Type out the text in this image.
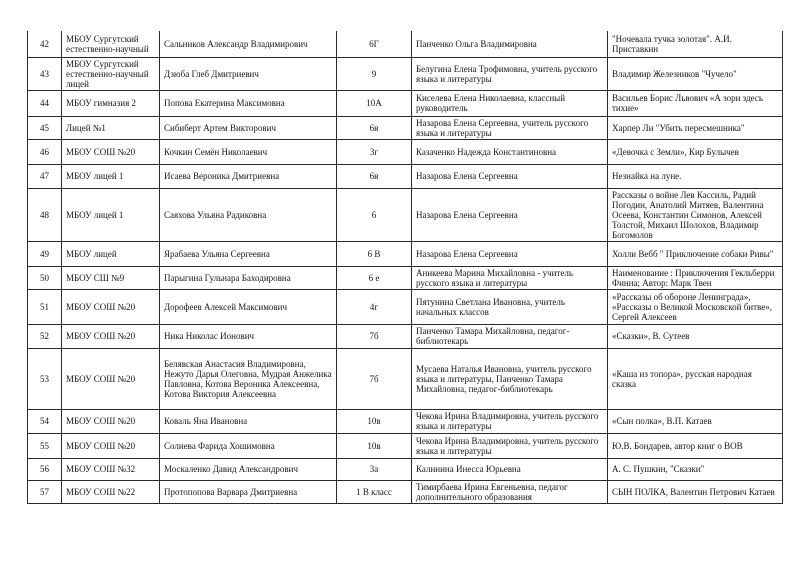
42	МБОУ Сургутский естественно-научный	Сальников Александр Владимирович	6Г	Панченко Ольга Владимировна	"Ночевала тучка золотая". А.И. Приставкин
43	МБОУ Сургутский естественно-научный лицей	Дзюба Глеб Дмитриевич	9	Белугина Елена Трофимовна, учитель русского языка и литературы	Владимир Железников "Чучело"
44	МБОУ гимназия 2	Попова Екатерина Максимовна	10А	Киселева Елена Николаевна, классный руководитель	Васильев Борис Львович «А зори здесь тихие»
45	Лицей №1	Сибиберт Артем Викторович	6в	Назарова Елена Сергеевна, учитель русского языка и литературы	Харпер Ли "Убить пересмешника"
46	МБОУ СОШ №20	Кочкин Семён Николаевич	3г	Казаченко Надежда Константиновна	«Девочка с Земли», Кир Булычев
47	МБОУ лицей 1	Исаева Вероника Дмитриевна	6в	Назарова Елена Сергеевна	Незнайка на луне.
48	МБОУ лицей 1	Саяхова Ульяна Радиковна	6	Назарова Елена Сергеевна	Рассказы о войне Лев Кассиль, Радий Погодин, Анатолий Митяев, Валентина Осеева, Константин Симонов, Алексей Толстой, Михаил Шолохов, Владимир Богомолов
49	МБОУ лицей	Ярабаева Ульяна Сергеевна	6 В	Назарова Елена Сергеевна	Холли Вебб " Приключение собаки Ривы"
50	МБОУ СШ №9	Парыгина Гульнара Баходировна	6 е	Аникеева Марина Михайловна - учитель русского языка и литературы	Наименование : Приключения Гекльберри Финна; Автор: Марк Твен
51	МБОУ СОШ №20	Дорофеев Алексей Максимович	4г	Пятунина Светлана Ивановна, учитель начальных классов	«Рассказы об обороне Ленинграда», «Рассказы о Великой Московской битве», Сергей Алексеев
52	МБОУ СОШ №20	Ника Николас Ионович	7б	Панченко Тамара Михайловна, педагог-библиотекарь	«Сказки», В. Сутеев
53	МБОУ СОШ №20	Белявская Анастасия Владимировна, Нежуто Дарья Олеговна, Мудрая Анжелика Павловна, Котова Вероника Алексеевна, Котова Виктория Алексеевна	7б	Мусаева Наталья Ивановна, учитель русского языка и литературы, Панченко Тамара Михайловна, педагог-библиотекарь	«Каша из топора», русская народная сказка
54	МБОУ СОШ №20	Коваль Яна Ивановна	10в	Чекова Ирина Владимировна, учитель русского языка и литературы	«Сын полка», В.П. Катаев
55	МБОУ СОШ №20	Солиева Фарида Хошимовна	10в	Чекова Ирина Владимировна, учитель русского языка и литературы	Ю.В. Бондарев, автор книг о ВОВ
56	МБОУ СОШ №32	Москаленко Давид Александрович	3а	Калинина Инесса Юрьевна	А. С. Пушкин, "Сказки"
57	МБОУ СОШ №22	Протопопова Варвара Дмитриевна	1 В класс	Тимирбаева Ирина Евгеньевна, педагог дополнительного образования	СЫН ПОЛКА, Валентин Петрович Катаев
